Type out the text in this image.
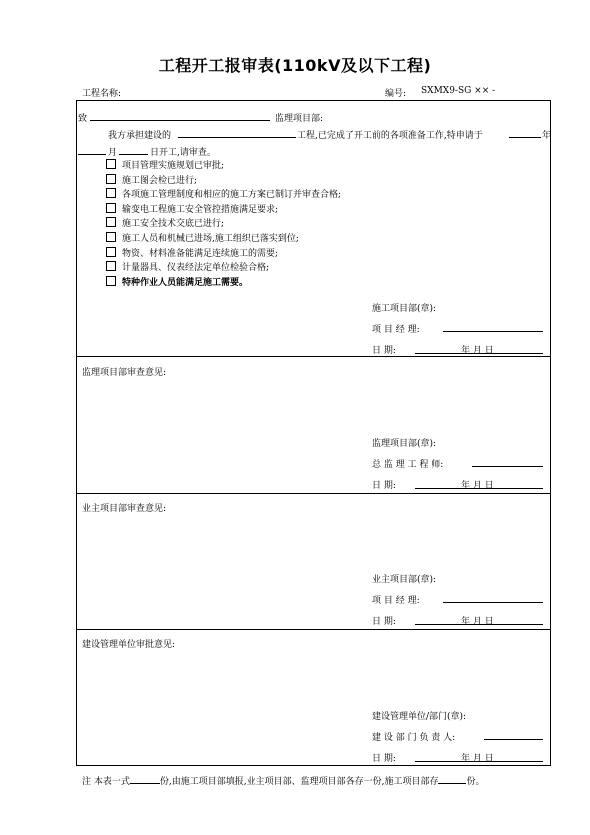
工程开工报审表(110kV及以下工程)
工程名称:	编号: SXMX9-SG ×× -
致	监理项目部:
我方承担建设的	工程,已完成了开工前的各项准备工作,特申请于	年
月	日开工,请审查。
项目管理实施规划已审批;
施工图会检已进行;
各项施工管理制度和相应的施工方案已制订并审查合格;
输变电工程施工安全管控措施满足要求;
施工安全技术交底已进行;
施工人员和机械已进场,施工组织已落实到位;
物资、材料准备能满足连续施工的需要;
计量器具、仪表经法定单位检验合格;
特种作业人员能满足施工需要。
施工项目部(章):
项 目 经 理:
日 期:	年 月 日
监理项目部审查意见:
监理项目部(章):
总 监 理 工 程 师:
日 期:	年 月 日
业主项目部审查意见:
业主项目部(章):
项 目 经 理:
日 期:	年 月 日
建设管理单位审批意见:
建设管理单位/部门(章):
建 设 部 门 负 责 人:
日 期:	年 月 日
注 本表一式	份,由施工项目部填报,业主项目部、监理项目部各存一份,施工项目部存	份。
